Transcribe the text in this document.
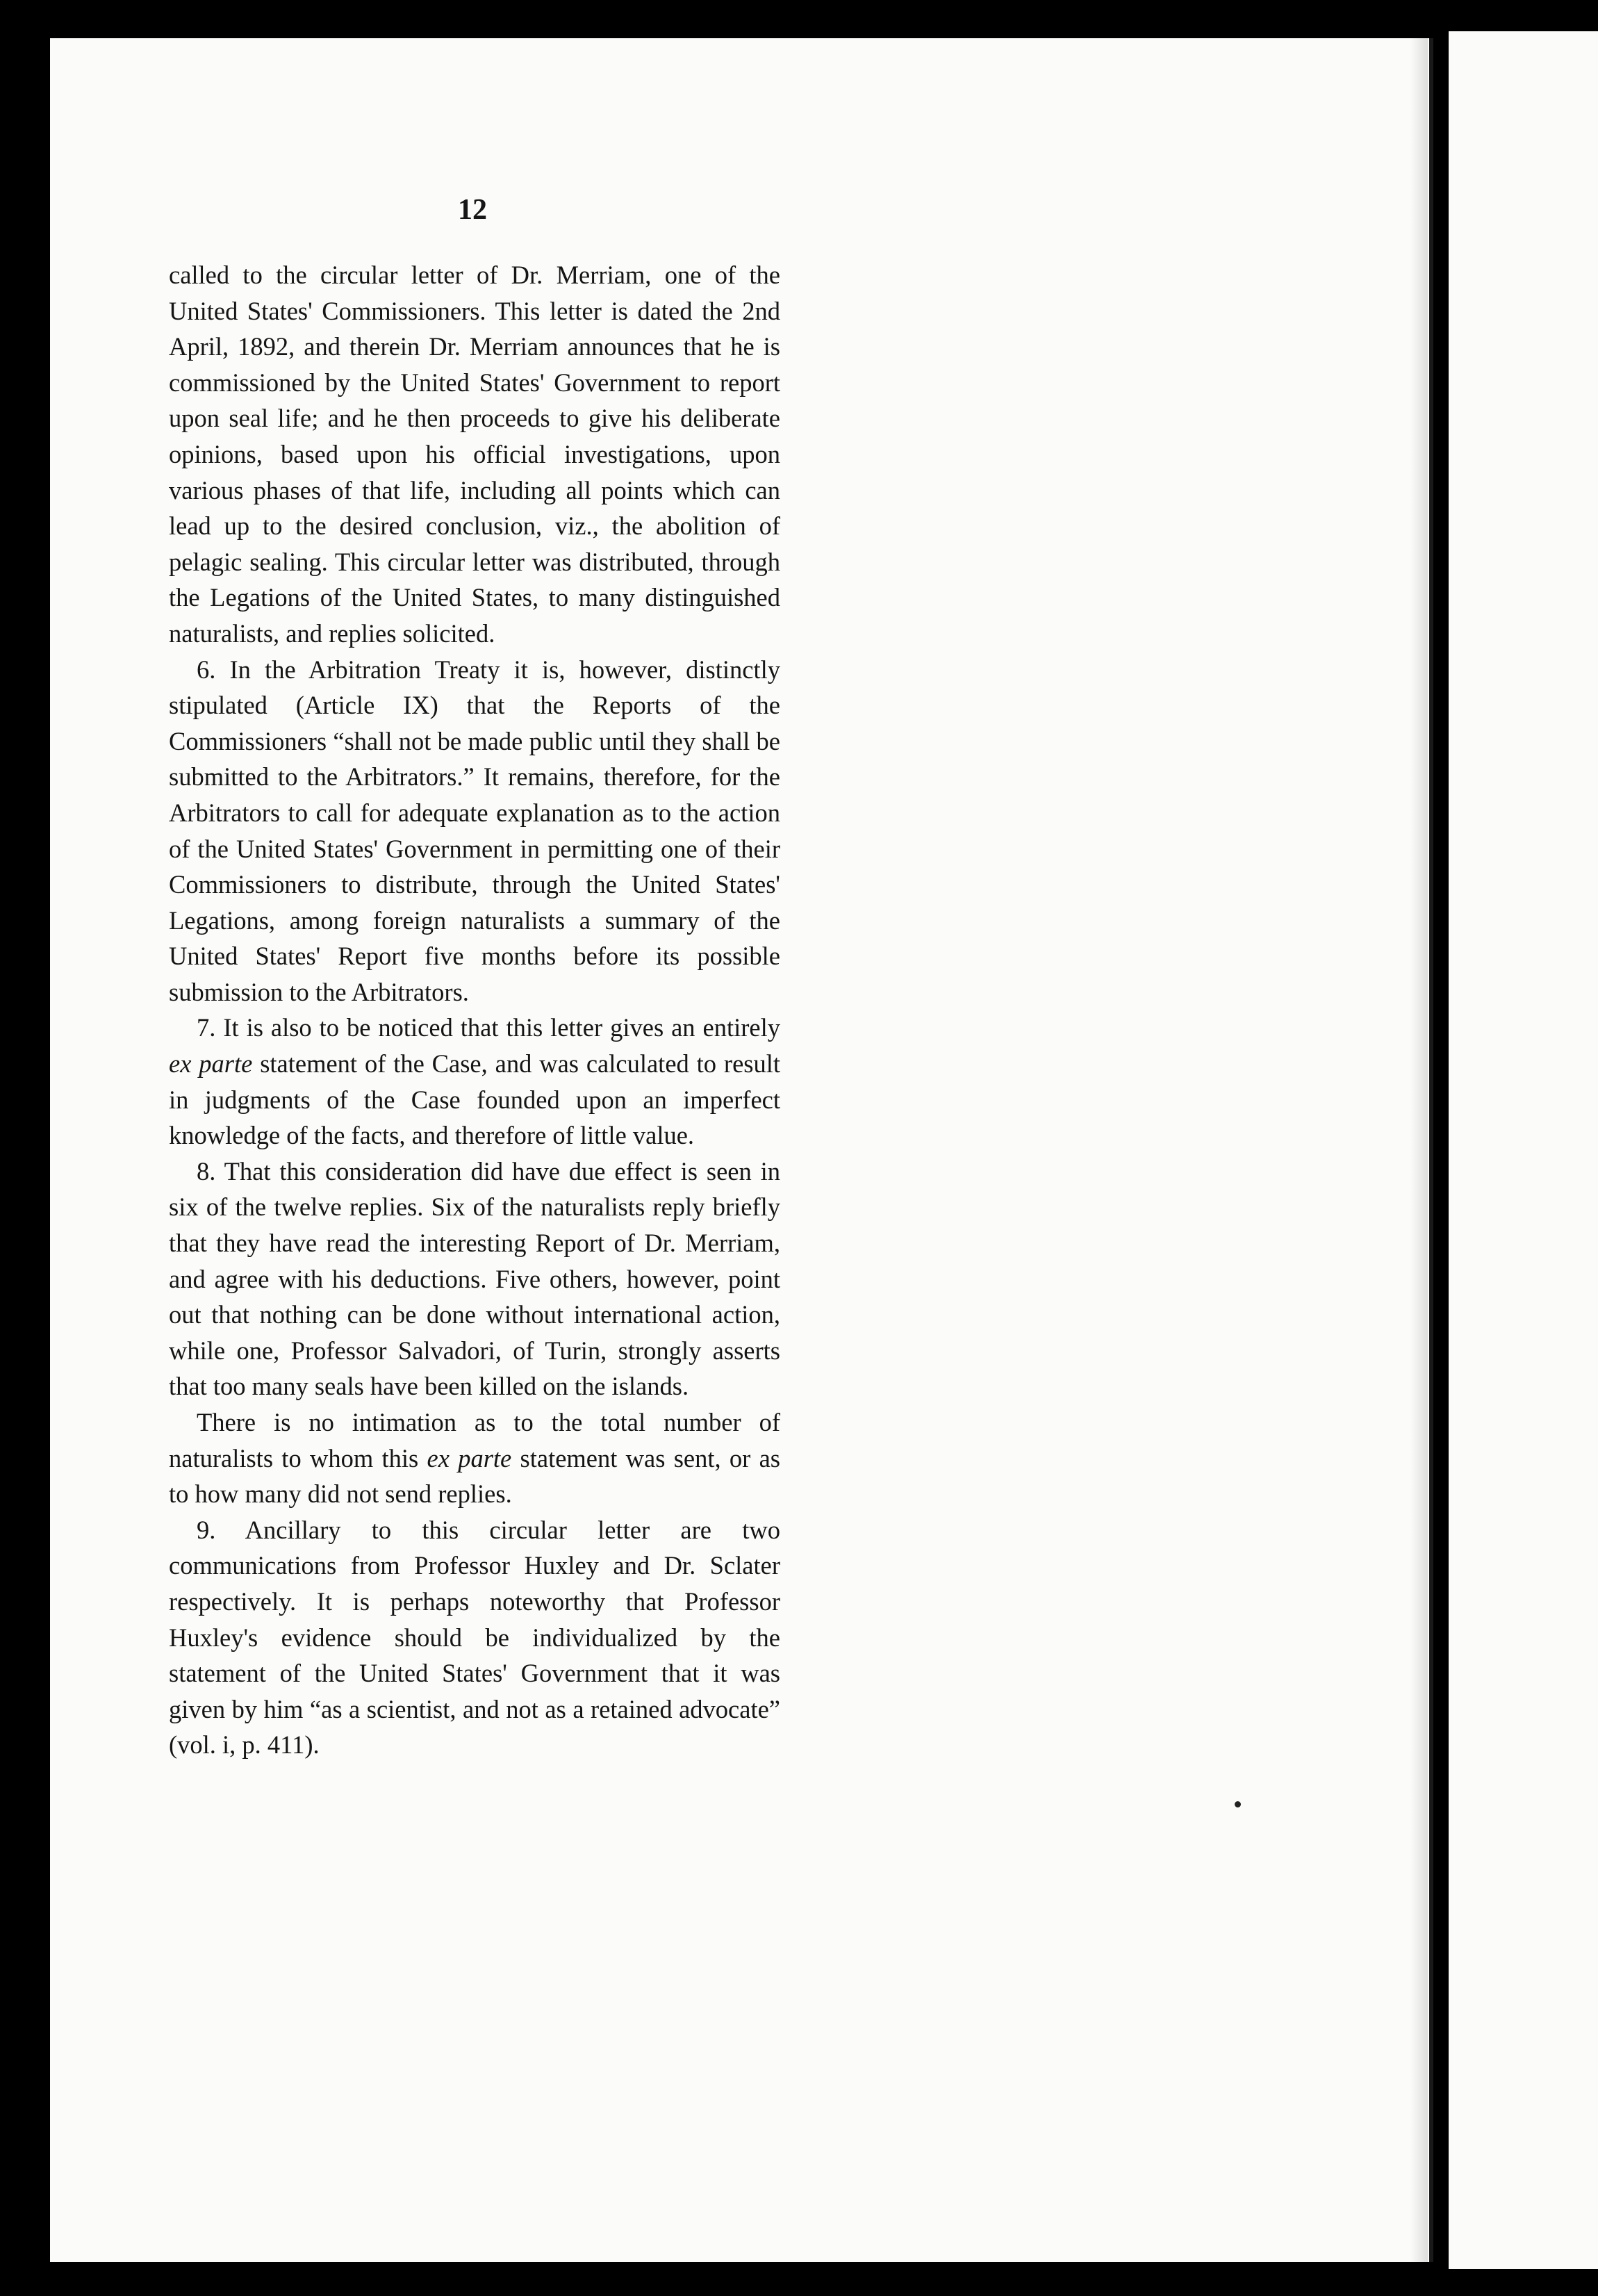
12

called to the circular letter of Dr. Merriam, one of the United States' Commissioners. This letter is dated the 2nd April, 1892, and therein Dr. Merriam announces that he is commissioned by the United States' Government to report upon seal life; and he then proceeds to give his deliberate opinions, based upon his official investigations, upon various phases of that life, including all points which can lead up to the desired conclusion, viz., the abolition of pelagic sealing. This circular letter was distributed, through the Legations of the United States, to many distinguished naturalists, and replies solicited.

6. In the Arbitration Treaty it is, however, distinctly stipulated (Article IX) that the Reports of the Commissioners “shall not be made public until they shall be submitted to the Arbitrators.” It remains, therefore, for the Arbitrators to call for adequate explanation as to the action of the United States' Government in permitting one of their Commissioners to distribute, through the United States' Legations, among foreign naturalists a summary of the United States' Report five months before its possible submission to the Arbitrators.

7. It is also to be noticed that this letter gives an entirely ex parte statement of the Case, and was calculated to result in judgments of the Case founded upon an imperfect knowledge of the facts, and therefore of little value.

8. That this consideration did have due effect is seen in six of the twelve replies. Six of the naturalists reply briefly that they have read the interesting Report of Dr. Merriam, and agree with his deductions. Five others, however, point out that nothing can be done without international action, while one, Professor Salvadori, of Turin, strongly asserts that too many seals have been killed on the islands.

There is no intimation as to the total number of naturalists to whom this ex parte statement was sent, or as to how many did not send replies.

9. Ancillary to this circular letter are two communications from Professor Huxley and Dr. Sclater respectively. It is perhaps noteworthy that Professor Huxley's evidence should be individualized by the statement of the United States' Government that it was given by him “as a scientist, and not as a retained advocate” (vol. i, p. 411).
